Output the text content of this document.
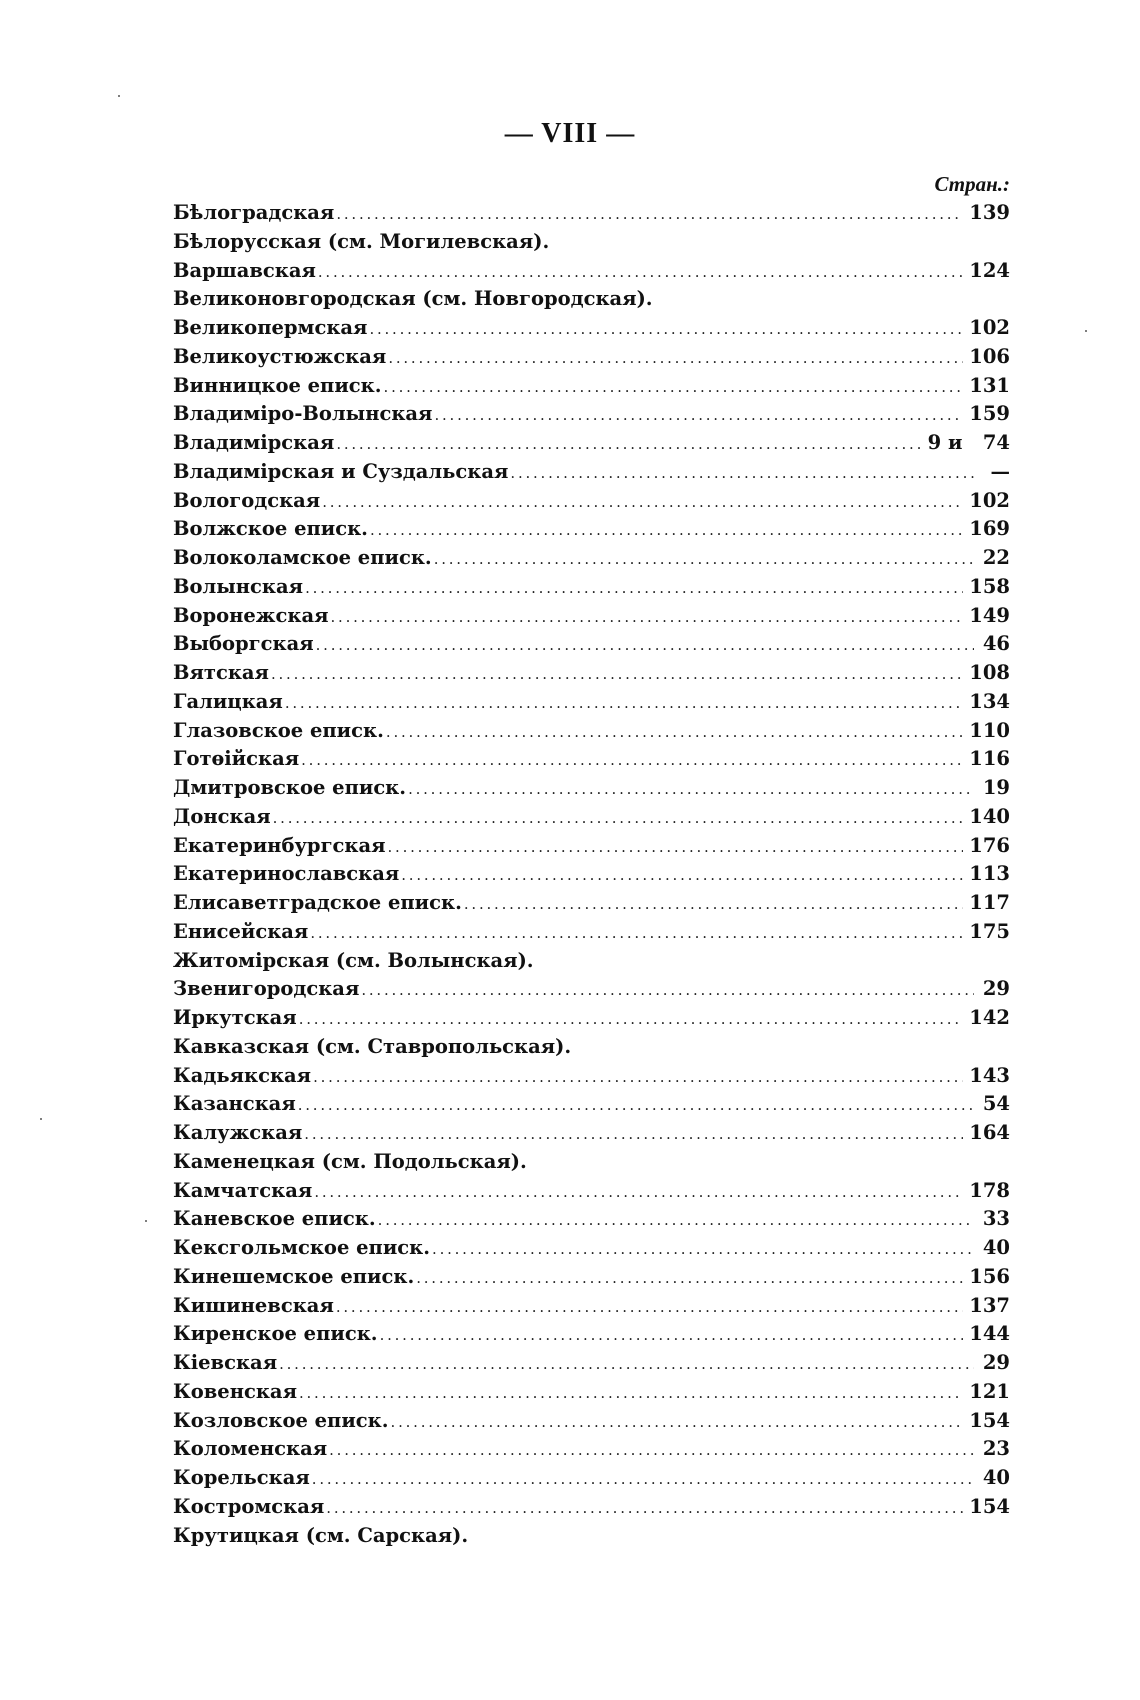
— VIII —
Стран.:
Бѣлоградская . . .	139
Бѣлорусская (см. Могилевская).
Варшавская . . .	124
Великоновгородская (см. Новгородская).
Великопермская . . .	102
Великоустюжская . . .	106
Винницкое еписк. . . .	131
Владиміро-Волынская . . .	159
Владимірская . . .	9 и   74
Владимірская и Суздальская . . .	—
Вологодская . . .	102
Волжское еписк. . . .	169
Волоколамское еписк. . . .	22
Волынская . . .	158
Воронежская . . .	149
Выборгская . . .	46
Вятская . . .	108
Галицкая . . .	134
Глазовское еписк. . . .	110
Готѳійская . . .	116
Дмитровское еписк. . . .	19
Донская . . .	140
Екатеринбургская . . .	176
Екатеринославская . . .	113
Елисаветградское еписк. . . .	117
Енисейская . . .	175
Житомірская (см. Волынская).
Звенигородская . . .	29
Иркутская . . .	142
Кавказская (см. Ставропольская).
Кадьякская . . .	143
Казанская . . .	54
Калужская . . .	164
Каменецкая (см. Подольская).
Камчатская . . .	178
Каневское еписк. . . .	33
Кексгольмское еписк. . . .	40
Кинешемское еписк. . . .	156
Кишиневская . . .	137
Киренское еписк. . . .	144
Кіевская . . .	29
Ковенская . . .	121
Козловское еписк. . . .	154
Коломенская . . .	23
Корельская . . .	40
Костромская . . .	154
Крутицкая (см. Сарская).
